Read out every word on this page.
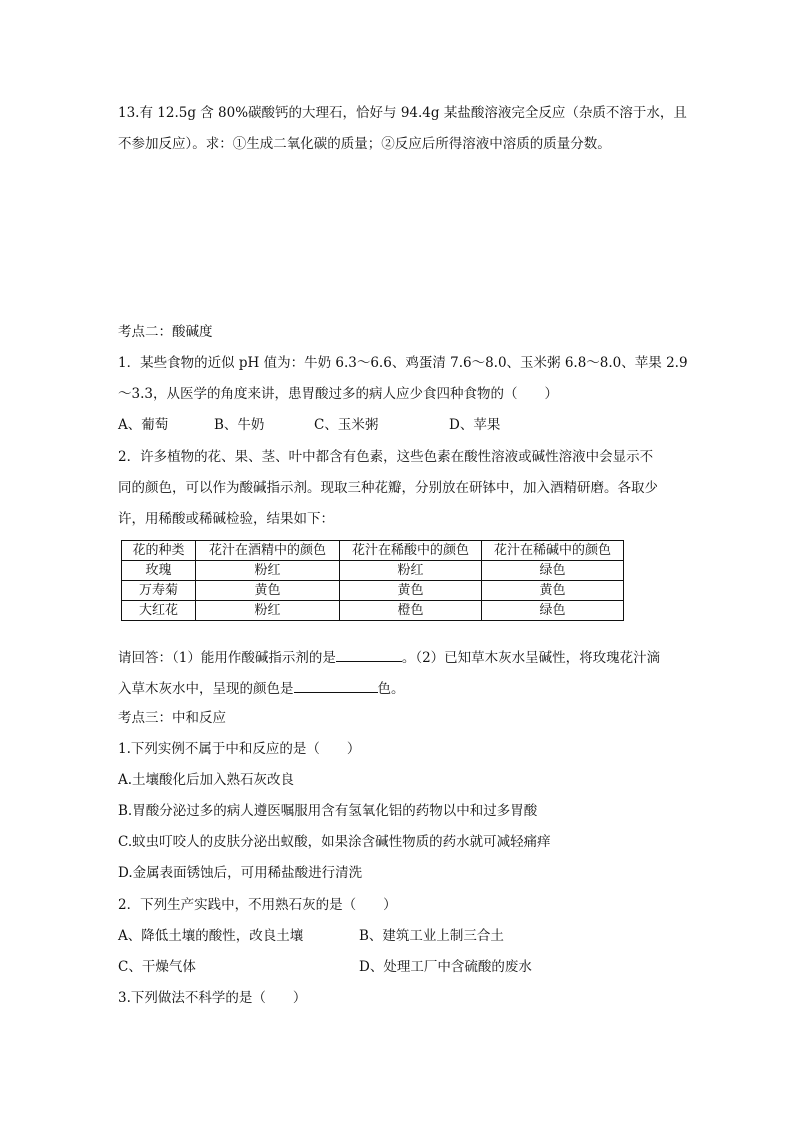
13.有 12.5g 含 80%碳酸钙的大理石，恰好与 94.4g 某盐酸溶液完全反应（杂质不溶于水，且
不参加反应）。求：①生成二氧化碳的质量；②反应后所得溶液中溶质的质量分数。
考点二：酸碱度
1．某些食物的近似 pH 值为：牛奶 6.3～6.6、鸡蛋清 7.6～8.0、玉米粥 6.8～8.0、苹果 2.9
～3.3，从医学的角度来讲，患胃酸过多的病人应少食四种食物的（　　）
A、葡萄	B、牛奶	C、玉米粥	D、苹果
2．许多植物的花、果、茎、叶中都含有色素，这些色素在酸性溶液或碱性溶液中会显示不
同的颜色，可以作为酸碱指示剂。现取三种花瓣，分别放在研钵中，加入酒精研磨。各取少
许，用稀酸或稀碱检验，结果如下：
花的种类	花汁在酒精中的颜色	花汁在稀酸中的颜色	花汁在稀碱中的颜色
玫瑰	粉红	粉红	绿色
万寿菊	黄色	黄色	黄色
大红花	粉红	橙色	绿色
请回答：（1）能用作酸碱指示剂的是	。（2）已知草木灰水呈碱性，将玫瑰花汁滴
入草木灰水中，呈现的颜色是	色。
考点三：中和反应
1.下列实例不属于中和反应的是（　　）
A.土壤酸化后加入熟石灰改良
B.胃酸分泌过多的病人遵医嘱服用含有氢氧化铝的药物以中和过多胃酸
C.蚊虫叮咬人的皮肤分泌出蚁酸，如果涂含碱性物质的药水就可减轻痛痒
D.金属表面锈蚀后，可用稀盐酸进行清洗
2．下列生产实践中，不用熟石灰的是（　　）
A、降低土壤的酸性，改良土壤	B、建筑工业上制三合土
C、干燥气体	D、处理工厂中含硫酸的废水
3.下列做法不科学的是（　　）
